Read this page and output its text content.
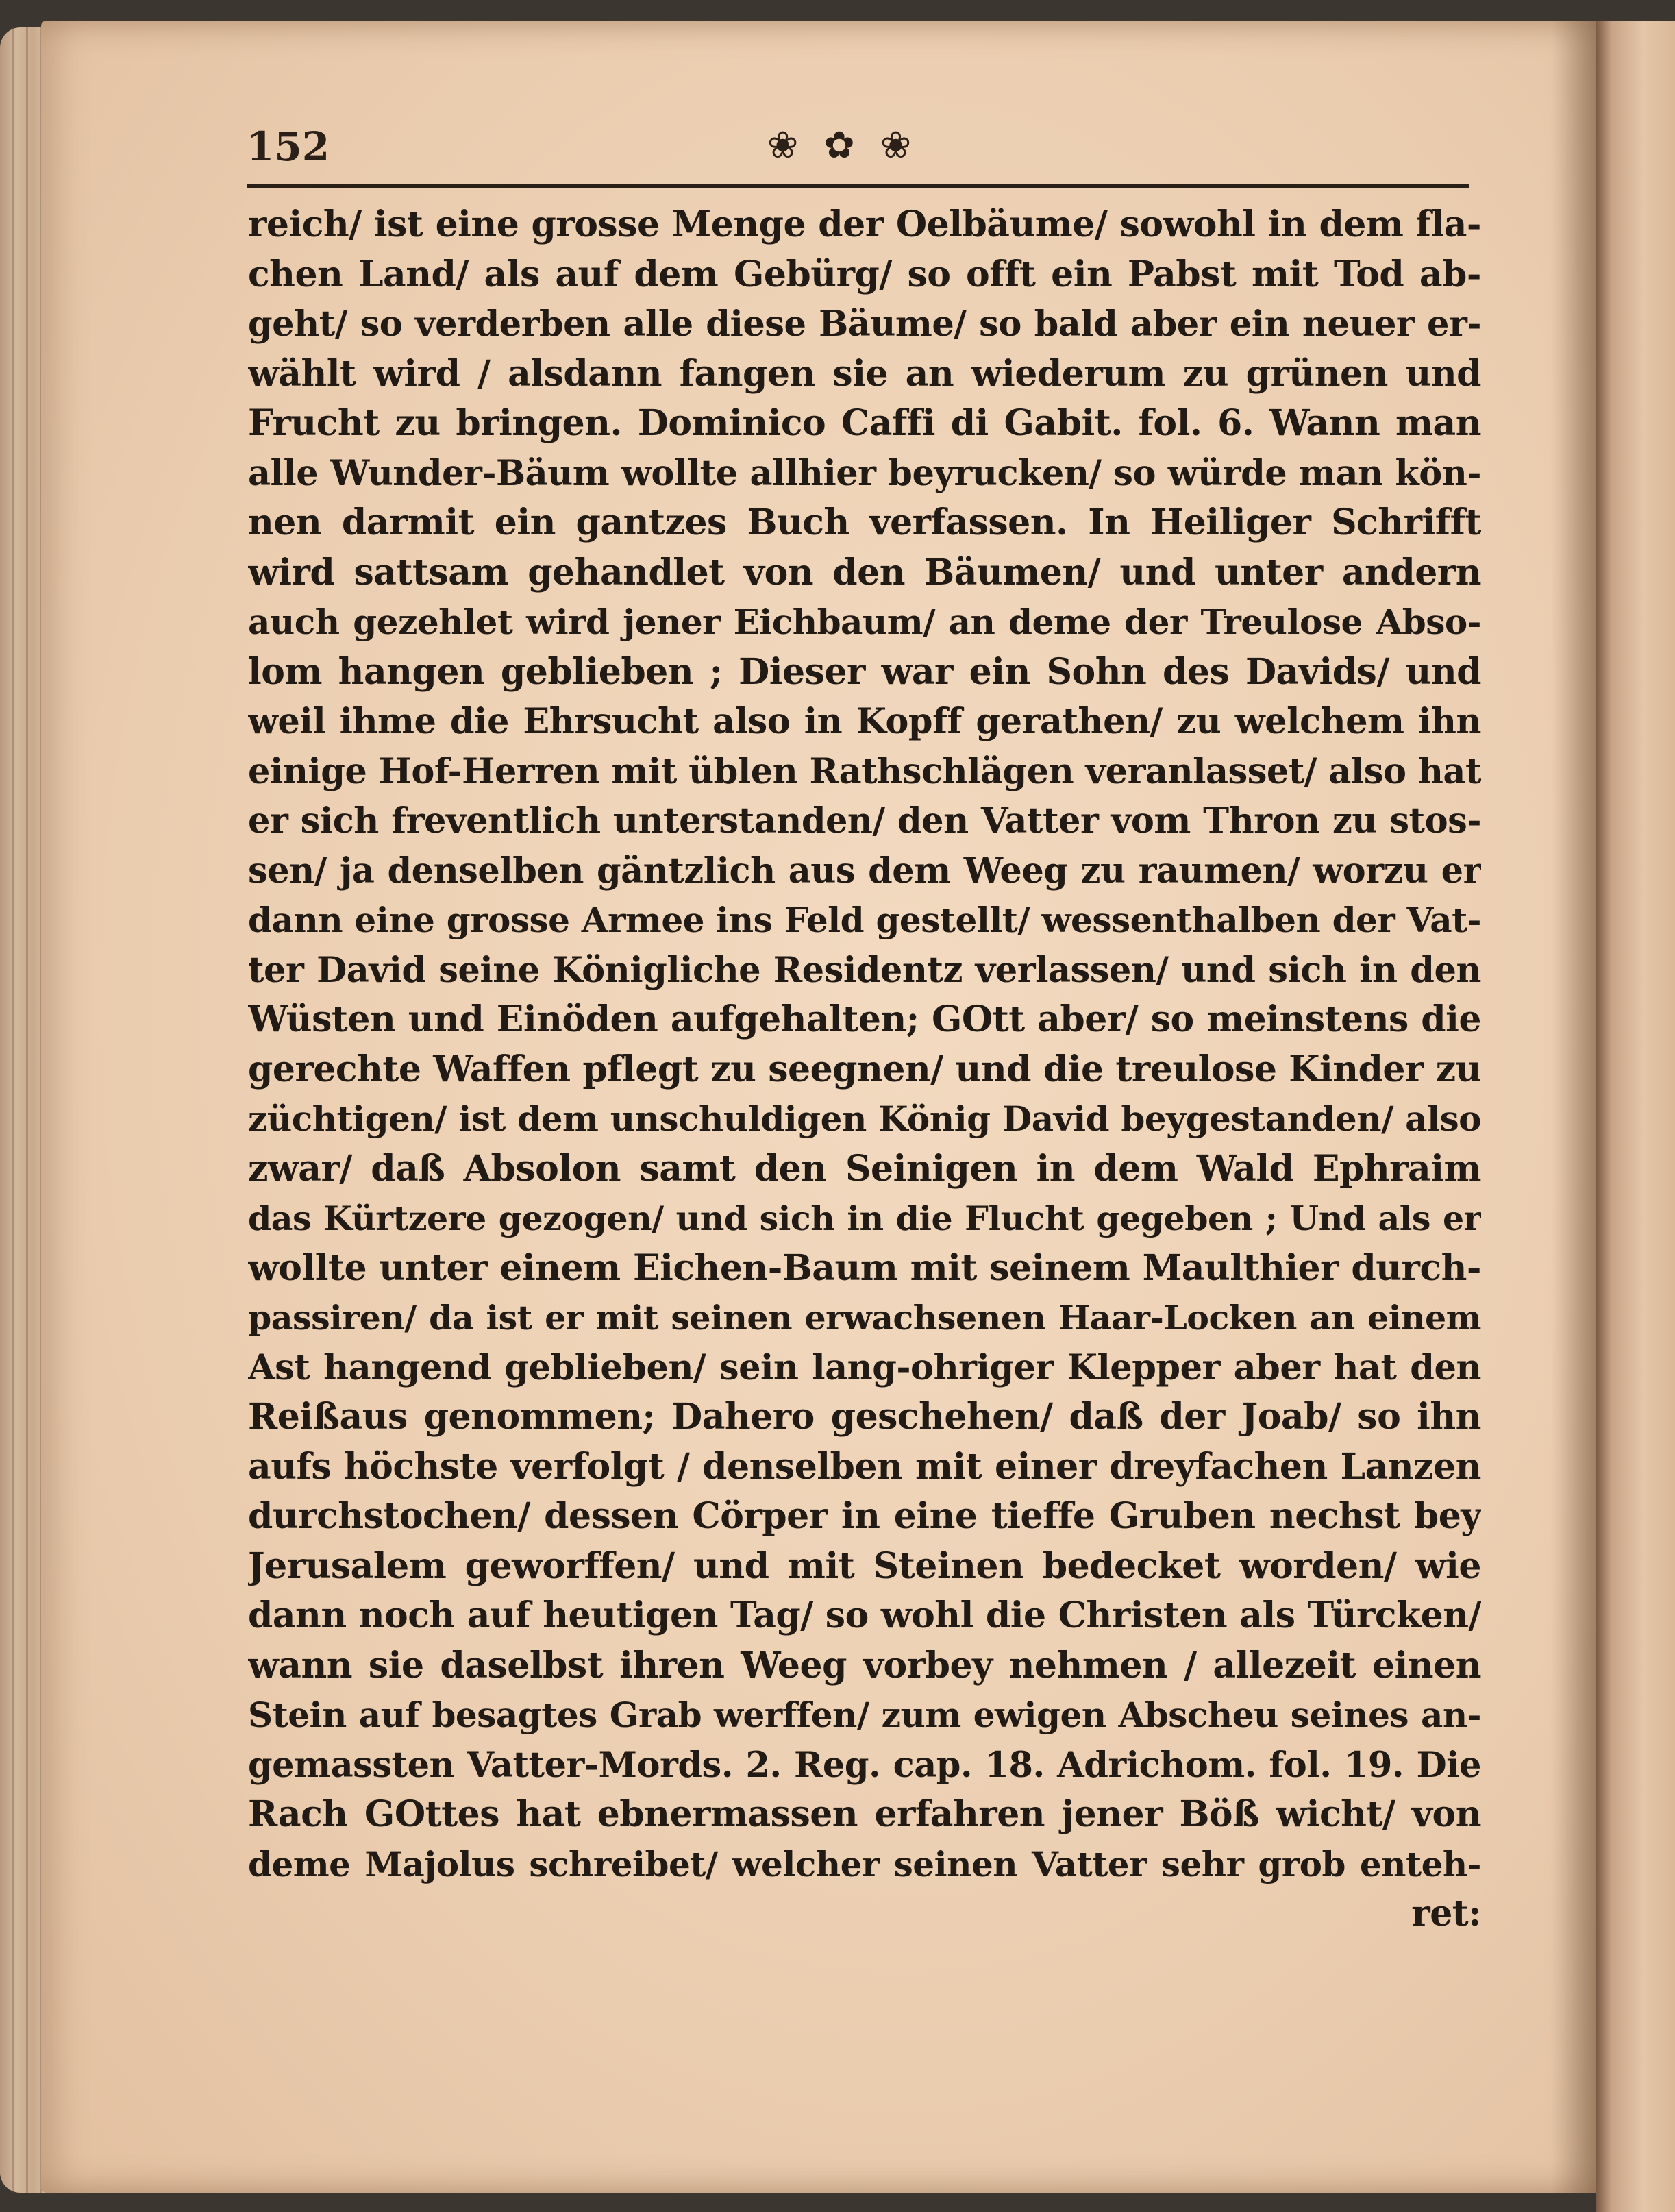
152	❀ ✿ ❀
reich/ ist eine grosse Menge der Oelbäume/ sowohl in dem fla-
chen Land/ als auf dem Gebürg/ so offt ein Pabst mit Tod ab-
geht/ so verderben alle diese Bäume/ so bald aber ein neuer er-
wählt wird / alsdann fangen sie an wiederum zu grünen und
Frucht zu bringen. Dominico Caffi di Gabit. fol. 6. Wann man
alle Wunder-Bäum wollte allhier beyrucken/ so würde man kön-
nen darmit ein gantzes Buch verfassen. In Heiliger Schrifft
wird sattsam gehandlet von den Bäumen/ und unter andern
auch gezehlet wird jener Eichbaum/ an deme der Treulose Abso-
lom hangen geblieben ; Dieser war ein Sohn des Davids/ und
weil ihme die Ehrsucht also in Kopff gerathen/ zu welchem ihn
einige Hof-Herren mit üblen Rathschlägen veranlasset/ also hat
er sich freventlich unterstanden/ den Vatter vom Thron zu stos-
sen/ ja denselben gäntzlich aus dem Weeg zu raumen/ worzu er
dann eine grosse Armee ins Feld gestellt/ wessenthalben der Vat-
ter David seine Königliche Residentz verlassen/ und sich in den
Wüsten und Einöden aufgehalten; GOtt aber/ so meinstens die
gerechte Waffen pflegt zu seegnen/ und die treulose Kinder zu
züchtigen/ ist dem unschuldigen König David beygestanden/ also
zwar/ daß Absolon samt den Seinigen in dem Wald Ephraim
das Kürtzere gezogen/ und sich in die Flucht gegeben ; Und als er
wollte unter einem Eichen-Baum mit seinem Maulthier durch-
passiren/ da ist er mit seinen erwachsenen Haar-Locken an einem
Ast hangend geblieben/ sein lang-ohriger Klepper aber hat den
Reißaus genommen; Dahero geschehen/ daß der Joab/ so ihn
aufs höchste verfolgt / denselben mit einer dreyfachen Lanzen
durchstochen/ dessen Cörper in eine tieffe Gruben nechst bey
Jerusalem geworffen/ und mit Steinen bedecket worden/ wie
dann noch auf heutigen Tag/ so wohl die Christen als Türcken/
wann sie daselbst ihren Weeg vorbey nehmen / allezeit einen
Stein auf besagtes Grab werffen/ zum ewigen Abscheu seines an-
gemassten Vatter-Mords. 2. Reg. cap. 18. Adrichom. fol. 19. Die
Rach GOttes hat ebnermassen erfahren jener Böß wicht/ von
deme Majolus schreibet/ welcher seinen Vatter sehr grob enteh-
ret:
